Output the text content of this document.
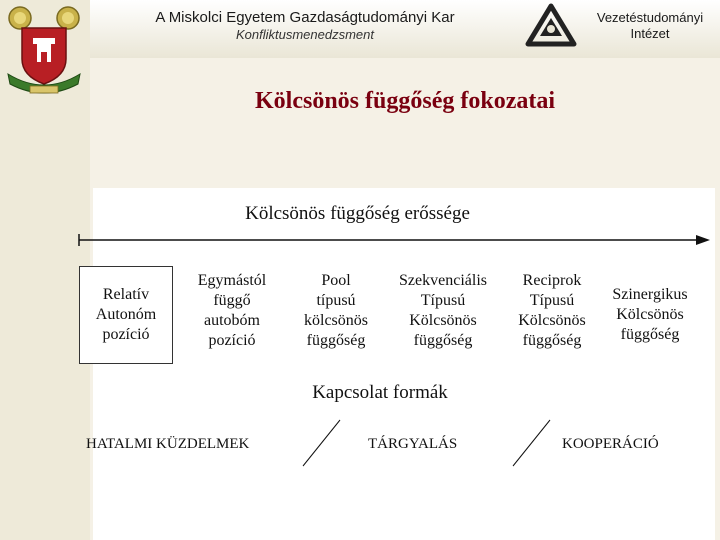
A Miskolci Egyetem Gazdaságtudományi Kar
Konfliktusmenedzsment
Vezetéstudományi
Intézet
Kölcsönös függőség fokozatai
Kölcsönös függőség erőssége
Relatív
Autonóm
pozíció
Egymástól
függő
autobóm
pozíció
Pool
típusú
kölcsönös
függőség
Szekvenciális
Típusú
Kölcsönös
függőség
Reciprok
Típusú
Kölcsönös
függőség
Szinergikus
Kölcsönös
függőség
Kapcsolat formák
HATALMI KÜZDELMEK	TÁRGYALÁS	KOOPERÁCIÓ
